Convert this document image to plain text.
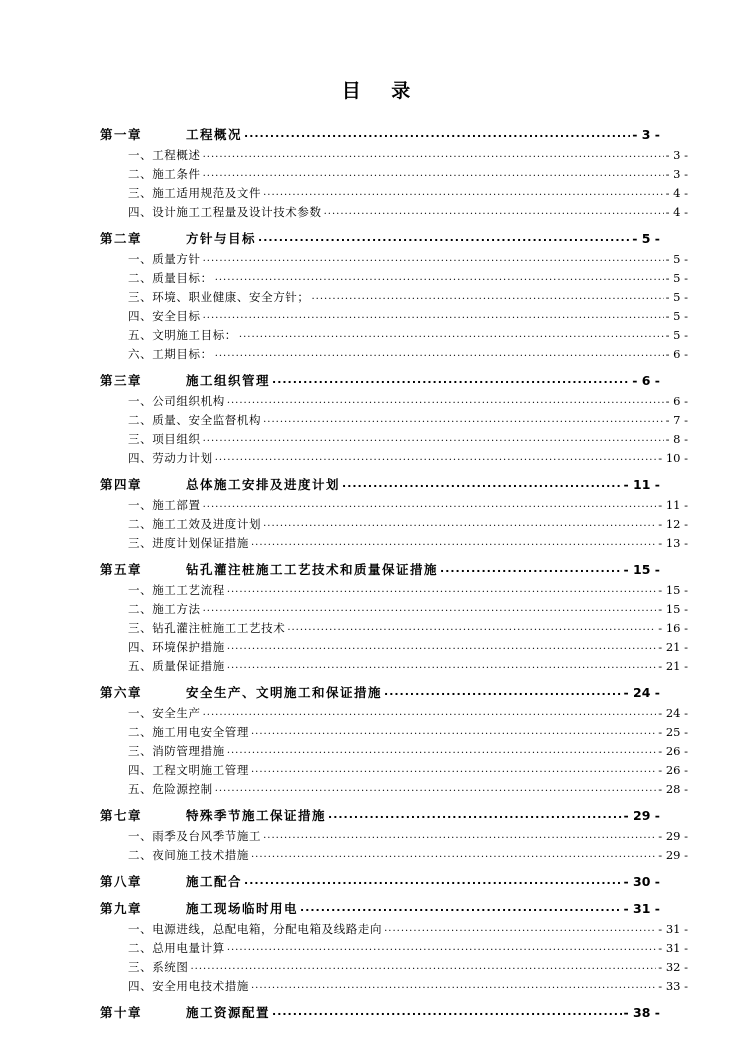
目 录
第一章	工程概况 .....	- 3 -
一、工程概述 .....	- 3 -
二、施工条件 .....	- 3 -
三、施工适用规范及文件 .....	- 4 -
四、设计施工工程量及设计技术参数 .....	- 4 -
第二章	方针与目标 .....	- 5 -
一、质量方针 .....	- 5 -
二、质量目标： .....	- 5 -
三、环境、职业健康、安全方针； .....	- 5 -
四、安全目标 .....	- 5 -
五、文明施工目标： .....	- 5 -
六、工期目标： .....	- 6 -
第三章	施工组织管理 .....	- 6 -
一、公司组织机构 .....	- 6 -
二、质量、安全监督机构 .....	- 7 -
三、项目组织 .....	- 8 -
四、劳动力计划 .....	- 10 -
第四章	总体施工安排及进度计划 .....	- 11 -
一、施工部置 .....	- 11 -
二、施工工效及进度计划 .....	- 12 -
三、进度计划保证措施 .....	- 13 -
第五章	钻孔灌注桩施工工艺技术和质量保证措施 .....	- 15 -
一、施工工艺流程 .....	- 15 -
二、施工方法 .....	- 15 -
三、钻孔灌注桩施工工艺技术 .....	- 16 -
四、环境保护措施 .....	- 21 -
五、质量保证措施 .....	- 21 -
第六章	安全生产、文明施工和保证措施 .....	- 24 -
一、安全生产 .....	- 24 -
二、施工用电安全管理 .....	- 25 -
三、消防管理措施 .....	- 26 -
四、工程文明施工管理 .....	- 26 -
五、危险源控制 .....	- 28 -
第七章	特殊季节施工保证措施 .....	- 29 -
一、雨季及台风季节施工 .....	- 29 -
二、夜间施工技术措施 .....	- 29 -
第八章	施工配合 .....	- 30 -
第九章	施工现场临时用电 .....	- 31 -
一、电源进线，总配电箱，分配电箱及线路走向 .....	- 31 -
二、总用电量计算 .....	- 31 -
三、系统图 .....	- 32 -
四、安全用电技术措施 .....	- 33 -
第十章	施工资源配置 .....	- 38 -
